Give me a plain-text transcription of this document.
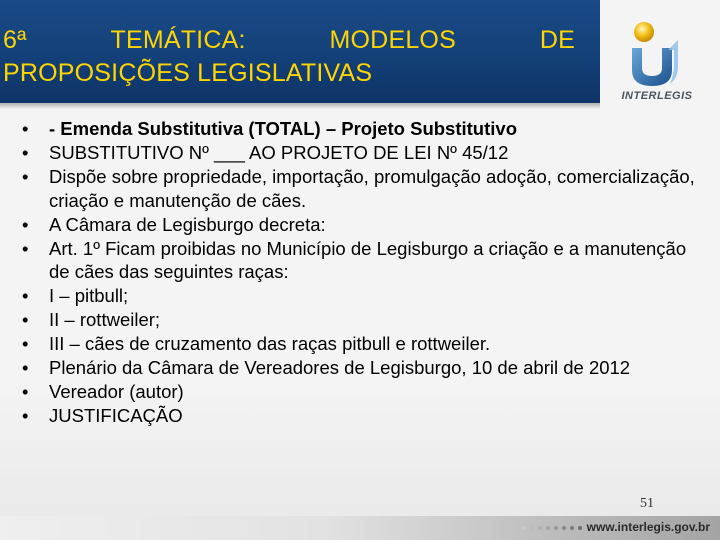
6ª	TEMÁTICA:	MODELOS	DE
PROPOSIÇÕES LEGISLATIVAS
INTERLEGIS
•	- Emenda Substitutiva (TOTAL) – Projeto Substitutivo
•	SUBSTITUTIVO Nº ___ AO PROJETO DE LEI Nº 45/12
•	Dispõe sobre propriedade, importação, promulgação adoção, comercialização, criação e manutenção de cães.
•	A Câmara de Legisburgo decreta:
•	Art. 1º Ficam proibidas no Município de Legisburgo a criação e a manutenção de cães das seguintes raças:
•	I – pitbull;
•	II – rottweiler;
•	III – cães de cruzamento das raças pitbull e rottweiler.
•	Plenário da Câmara de Vereadores de Legisburgo, 10 de abril de 2012
•	Vereador (autor)
•	JUSTIFICAÇÃO
51
www.interlegis.gov.br
